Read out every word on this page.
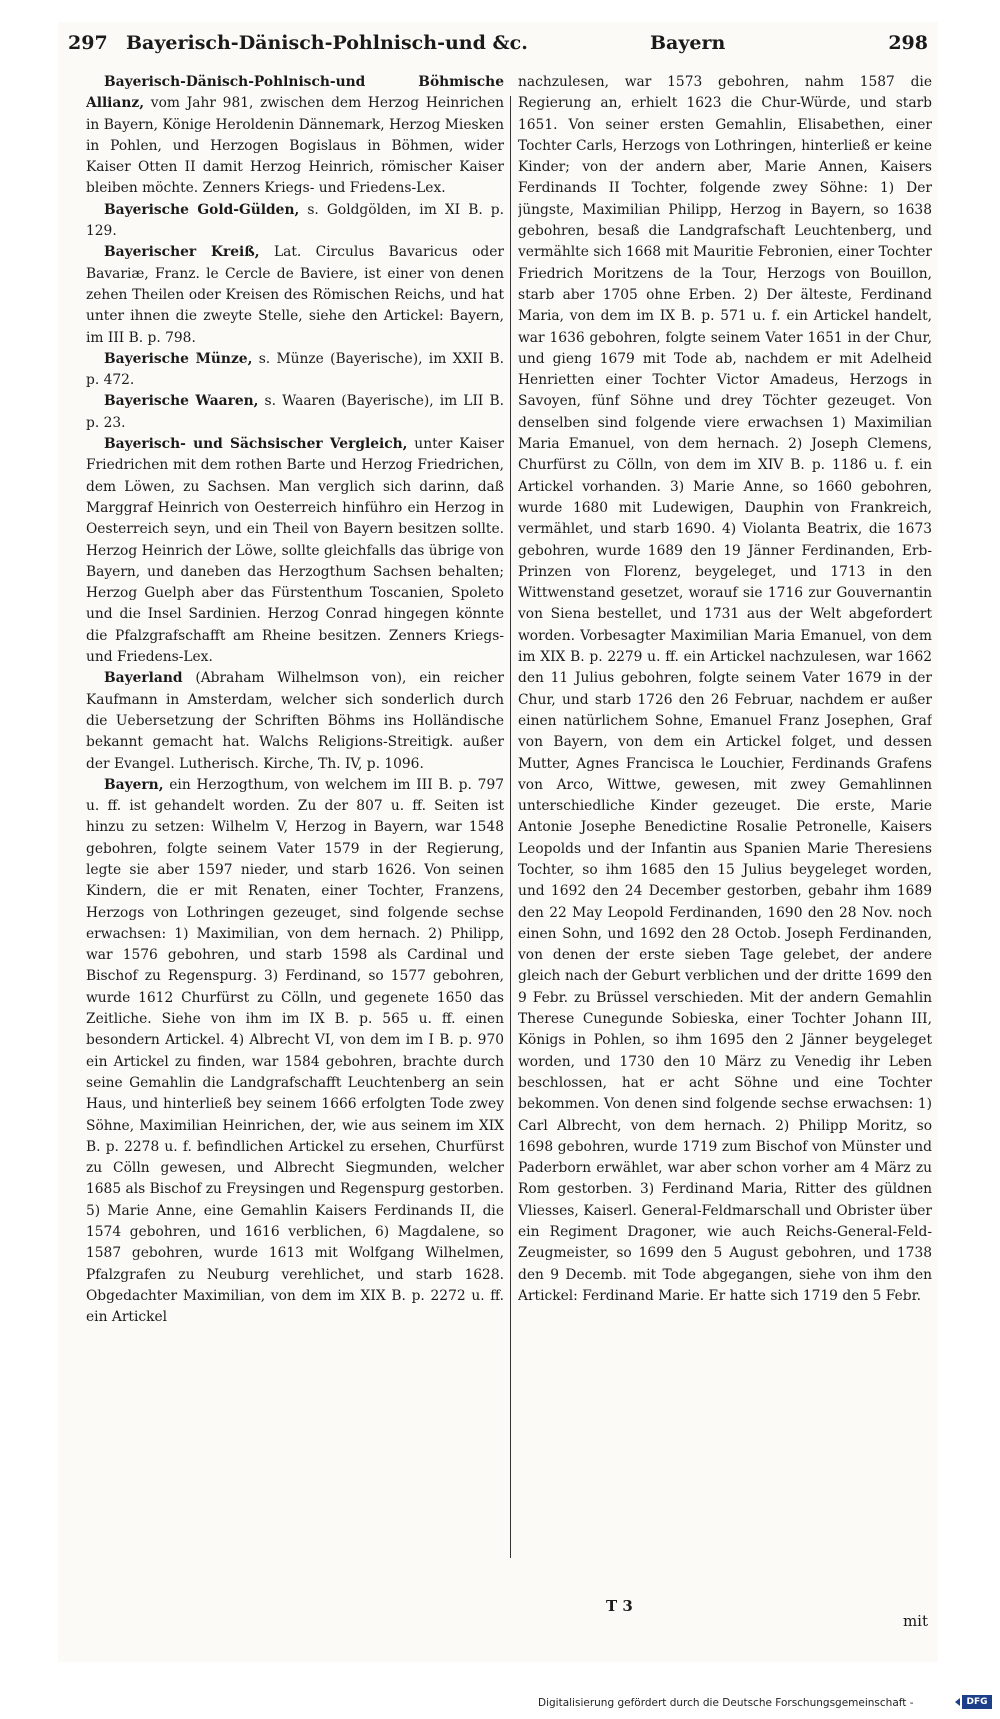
297 Bayerisch-Dänisch-Pohlnisch-und &c.	Bayern	298

Bayerisch-Dänisch-Pohlnisch-und Böhmische Allianz, vom Jahr 981, zwischen dem Herzog Heinrichen in Bayern, Könige Heroldenin Dännemark, Herzog Miesken in Pohlen, und Herzogen Bogislaus in Böhmen, wider Kaiser Otten II damit Herzog Heinrich, römischer Kaiser bleiben möchte. Zenners Kriegs- und Friedens-Lex.

Bayerische Gold-Gülden, s. Goldgölden, im XI B. p. 129.

Bayerischer Kreiß, Lat. Circulus Bavaricus oder Bavariæ, Franz. le Cercle de Baviere, ist einer von denen zehen Theilen oder Kreisen des Römischen Reichs, und hat unter ihnen die zweyte Stelle, siehe den Artickel: Bayern, im III B. p. 798.

Bayerische Münze, s. Münze (Bayerische), im XXII B. p. 472.

Bayerische Waaren, s. Waaren (Bayerische), im LII B. p. 23.

Bayerisch- und Sächsischer Vergleich, unter Kaiser Friedrichen mit dem rothen Barte und Herzog Friedrichen, dem Löwen, zu Sachsen. Man verglich sich darinn, daß Marggraf Heinrich von Oesterreich hinführo ein Herzog in Oesterreich seyn, und ein Theil von Bayern besitzen sollte. Herzog Heinrich der Löwe, sollte gleichfalls das übrige von Bayern, und daneben das Herzogthum Sachsen behalten; Herzog Guelph aber das Fürstenthum Toscanien, Spoleto und die Insel Sardinien. Herzog Conrad hingegen könnte die Pfalzgrafschafft am Rheine besitzen. Zenners Kriegs- und Friedens-Lex.

Bayerland (Abraham Wilhelmson von), ein reicher Kaufmann in Amsterdam, welcher sich sonderlich durch die Uebersetzung der Schriften Böhms ins Holländische bekannt gemacht hat. Walchs Religions-Streitigk. außer der Evangel. Lutherisch. Kirche, Th. IV, p. 1096.

Bayern, ein Herzogthum, von welchem im III B. p. 797 u. ff. ist gehandelt worden. Zu der 807 u. ff. Seiten ist hinzu zu setzen: Wilhelm V, Herzog in Bayern, war 1548 gebohren, folgte seinem Vater 1579 in der Regierung, legte sie aber 1597 nieder, und starb 1626. Von seinen Kindern, die er mit Renaten, einer Tochter, Franzens, Herzogs von Lothringen gezeuget, sind folgende sechse erwachsen: 1) Maximilian, von dem hernach. 2) Philipp, war 1576 gebohren, und starb 1598 als Cardinal und Bischof zu Regenspurg. 3) Ferdinand, so 1577 gebohren, wurde 1612 Churfürst zu Cölln, und gegenete 1650 das Zeitliche. Siehe von ihm im IX B. p. 565 u. ff. einen besondern Artickel. 4) Albrecht VI, von dem im I B. p. 970 ein Artickel zu finden, war 1584 gebohren, brachte durch seine Gemahlin die Landgrafschafft Leuchtenberg an sein Haus, und hinterließ bey seinem 1666 erfolgten Tode zwey Söhne, Maximilian Heinrichen, der, wie aus seinem im XIX B. p. 2278 u. f. befindlichen Artickel zu ersehen, Churfürst zu Cölln gewesen, und Albrecht Siegmunden, welcher 1685 als Bischof zu Freysingen und Regenspurg gestorben. 5) Marie Anne, eine Gemahlin Kaisers Ferdinands II, die 1574 gebohren, und 1616 verblichen, 6) Magdalene, so 1587 gebohren, wurde 1613 mit Wolfgang Wilhelmen, Pfalzgrafen zu Neuburg verehlichet, und starb 1628. Obgedachter Maximilian, von dem im XIX B. p. 2272 u. ff. ein Artickel

nachzulesen, war 1573 gebohren, nahm 1587 die Regierung an, erhielt 1623 die Chur-Würde, und starb 1651. Von seiner ersten Gemahlin, Elisabethen, einer Tochter Carls, Herzogs von Lothringen, hinterließ er keine Kinder; von der andern aber, Marie Annen, Kaisers Ferdinands II Tochter, folgende zwey Söhne: 1) Der jüngste, Maximilian Philipp, Herzog in Bayern, so 1638 gebohren, besaß die Landgrafschaft Leuchtenberg, und vermählte sich 1668 mit Mauritie Febronien, einer Tochter Friedrich Moritzens de la Tour, Herzogs von Bouillon, starb aber 1705 ohne Erben. 2) Der älteste, Ferdinand Maria, von dem im IX B. p. 571 u. f. ein Artickel handelt, war 1636 gebohren, folgte seinem Vater 1651 in der Chur, und gieng 1679 mit Tode ab, nachdem er mit Adelheid Henrietten einer Tochter Victor Amadeus, Herzogs in Savoyen, fünf Söhne und drey Töchter gezeuget. Von denselben sind folgende viere erwachsen 1) Maximilian Maria Emanuel, von dem hernach. 2) Joseph Clemens, Churfürst zu Cölln, von dem im XIV B. p. 1186 u. f. ein Artickel vorhanden. 3) Marie Anne, so 1660 gebohren, wurde 1680 mit Ludewigen, Dauphin von Frankreich, vermählet, und starb 1690. 4) Violanta Beatrix, die 1673 gebohren, wurde 1689 den 19 Jänner Ferdinanden, Erb-Prinzen von Florenz, beygeleget, und 1713 in den Wittwenstand gesetzet, worauf sie 1716 zur Gouvernantin von Siena bestellet, und 1731 aus der Welt abgefordert worden. Vorbesagter Maximilian Maria Emanuel, von dem im XIX B. p. 2279 u. ff. ein Artickel nachzulesen, war 1662 den 11 Julius gebohren, folgte seinem Vater 1679 in der Chur, und starb 1726 den 26 Februar, nachdem er außer einen natürlichem Sohne, Emanuel Franz Josephen, Graf von Bayern, von dem ein Artickel folget, und dessen Mutter, Agnes Francisca le Louchier, Ferdinands Grafens von Arco, Wittwe, gewesen, mit zwey Gemahlinnen unterschiedliche Kinder gezeuget. Die erste, Marie Antonie Josephe Benedictine Rosalie Petronelle, Kaisers Leopolds und der Infantin aus Spanien Marie Theresiens Tochter, so ihm 1685 den 15 Julius beygeleget worden, und 1692 den 24 December gestorben, gebahr ihm 1689 den 22 May Leopold Ferdinanden, 1690 den 28 Nov. noch einen Sohn, und 1692 den 28 Octob. Joseph Ferdinanden, von denen der erste sieben Tage gelebet, der andere gleich nach der Geburt verblichen und der dritte 1699 den 9 Febr. zu Brüssel verschieden. Mit der andern Gemahlin Therese Cunegunde Sobieska, einer Tochter Johann III, Königs in Pohlen, so ihm 1695 den 2 Jänner beygeleget worden, und 1730 den 10 März zu Venedig ihr Leben beschlossen, hat er acht Söhne und eine Tochter bekommen. Von denen sind folgende sechse erwachsen: 1) Carl Albrecht, von dem hernach. 2) Philipp Moritz, so 1698 gebohren, wurde 1719 zum Bischof von Münster und Paderborn erwählet, war aber schon vorher am 4 März zu Rom gestorben. 3) Ferdinand Maria, Ritter des güldnen Vliesses, Kaiserl. General-Feldmarschall und Obrister über ein Regiment Dragoner, wie auch Reichs-General-Feld-Zeugmeister, so 1699 den 5 August gebohren, und 1738 den 9 Decemb. mit Tode abgegangen, siehe von ihm den Artickel: Ferdinand Marie. Er hatte sich 1719 den 5 Febr.

T 3
mit
Digitalisierung gefördert durch die Deutsche Forschungsgemeinschaft -	DFG
